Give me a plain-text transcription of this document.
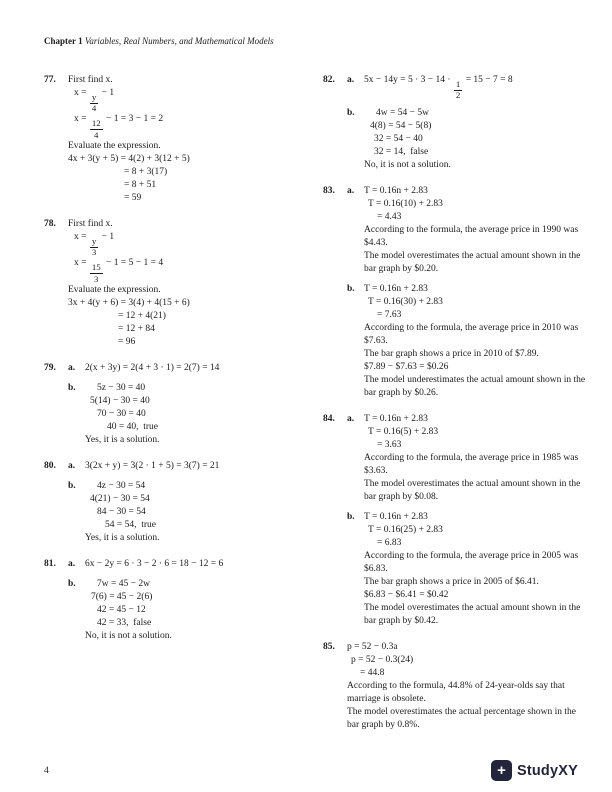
Chapter 1 Variables, Real Numbers, and Mathematical Models
77.	First find x.
$x = \frac{y}{4} - 1$
$x = \frac{12}{4} - 1 = 3 - 1 = 2$
Evaluate the expression.
4x + 3(y + 5) = 4(2) + 3(12 + 5)
= 8 + 3(17)
= 8 + 51
= 59
78.	First find x.
$x = \frac{y}{3} - 1$
$x = \frac{15}{3} - 1 = 5 - 1 = 4$
Evaluate the expression.
3x + 4(y + 6) = 3(4) + 4(15 + 6)
= 12 + 4(21)
= 12 + 84
= 96
79.	a.	2(x + 3y) = 2(4 + 3 · 1) = 2(7) = 14
b.	5z − 30 = 40
5(14) − 30 = 40
70 − 30 = 40
40 = 40,  true
Yes, it is a solution.
80.	a.	3(2x + y) = 3(2 · 1 + 5) = 3(7) = 21
b.	4z − 30 = 54
4(21) − 30 = 54
84 − 30 = 54
54 = 54,  true
Yes, it is a solution.
81.	a.	6x − 2y = 6 · 3 − 2 · 6 = 18 − 12 = 6
b.	7w = 45 − 2w
7(6) = 45 − 2(6)
42 = 45 − 12
42 = 33,  false
No, it is not a solution.
82.	a.	$5x - 14y = 5 \cdot 3 - 14 \cdot \frac{1}{2} = 15 - 7 = 8$
b.	4w = 54 − 5w
4(8) = 54 − 5(8)
32 = 54 − 40
32 = 14,  false
No, it is not a solution.
83.	a.	T = 0.16n + 2.83
T = 0.16(10) + 2.83
= 4.43
According to the formula, the average price in 1990 was $4.43.
The model overestimates the actual amount shown in the bar graph by $0.20.
b. T = 0.16n + 2.83
T = 0.16(30) + 2.83
= 7.63
According to the formula, the average price in 2010 was $7.63.
The bar graph shows a price in 2010 of $7.89.
$7.89 − $7.63 = $0.26
The model underestimates the actual amount shown in the bar graph by $0.26.
84.	a.	T = 0.16n + 2.83
T = 0.16(5) + 2.83
= 3.63
According to the formula, the average price in 1985 was $3.63.
The model overestimates the actual amount shown in the bar graph by $0.08.
b. T = 0.16n + 2.83
T = 0.16(25) + 2.83
= 6.83
According to the formula, the average price in 2005 was $6.83.
The bar graph shows a price in 2005 of $6.41.
$6.83 − $6.41 = $0.42
The model overestimates the actual amount shown in the bar graph by $0.42.
85.	p = 52 − 0.3a
p = 52 − 0.3(24)
= 44.8
According to the formula, 44.8% of 24-year-olds say that marriage is obsolete.
The model overestimates the actual percentage shown in the bar graph by 0.8%.
4	+ StudyXY
